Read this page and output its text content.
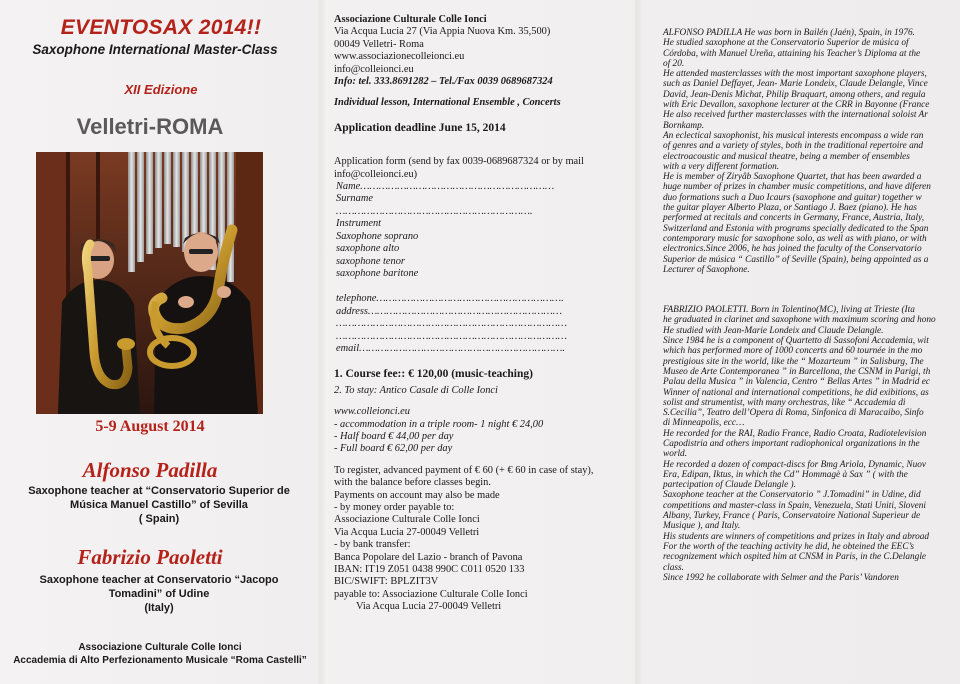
EVENTOSAX 2014!!
Saxophone International Master-Class
XII Edizione
Velletri-ROMA
5-9 August 2014
Alfonso Padilla
Saxophone teacher at “Conservatorio Superior de
Música Manuel Castillo” of Sevilla
( Spain)
Fabrizio Paoletti
Saxophone teacher at Conservatorio “Jacopo
Tomadini” of Udine
(Italy)
Associazione Culturale Colle Ionci
Accademia di Alto Perfezionamento Musicale “Roma Castelli”
Associazione Culturale Colle Ionci
Via Acqua Lucia 27 (Via Appia Nuova Km. 35,500)
00049 Velletri- Roma
www.associazionecolleionci.eu
info@colleionci.eu
Info: tel. 333.8691282 – Tel./Fax 0039 0689687324
Individual lesson, International Ensemble , Concerts
Application deadline June 15, 2014
Application form (send by fax 0039-0689687324 or by mail
info@colleionci.eu)
Name………………………………………………………
Surname
……………………………………………………….
Instrument
Saxophone soprano
saxophone alto
saxophone tenor
saxophone baritone
telephone…………………………………………………….
address………………………………………………………
…………………………………………………………………
…………………………………………………………………
email………………………………………………………….
1. Course fee:: € 120,00 (music-teaching)
2. To stay: Antico Casale di Colle Ionci
www.colleionci.eu
- accommodation in a triple room- 1 night € 24,00
- Half board € 44,00 per day
- Full board € 62,00 per day
To register, advanced payment of € 60 (+ € 60 in case of stay),
with the balance before classes begin.
Payments on account may also be made
- by money order payable to:
Associazione Culturale Colle Ionci
Via Acqua Lucia 27-00049 Velletri
- by bank transfer:
Banca Popolare del Lazio - branch of Pavona
IBAN: IT19 Z051 0438 990C C011 0520 133
BIC/SWIFT: BPLZIT3V
payable to: Associazione Culturale Colle Ionci
Via Acqua Lucia 27-00049 Velletri
ALFONSO PADILLA He was born in Bailén (Jaén), Spain, in 1976.
He studied saxophone at the Conservatorio Superior de música of
Córdoba, with Manuel Ureña, attaining his Teacher’s Diploma at the
of 20.
He attended masterclasses with the most important saxophone players,
such as Daniel Deffayet, Jean- Marie Londeix, Claude Delangle, Vince
David, Jean-Denis Michat, Philip Braquart, among others, and regula
with Eric Devallon, saxophone lecturer at the CRR in Bayonne (France
He also received further masterclasses with the international soloist Ar
Bornkamp.
An eclectical saxophonist, his musical interests encompass a wide ran
of genres and a variety of styles, both in the traditional repertoire and
electroacoustic and musical theatre, being a member of ensembles
with a very different formation.
He is member of Ziryâb Saxophone Quartet, that has been awarded a
huge number of prizes in chamber music competitions, and have diferen
duo formations such a Duo Icaurs (saxophone and guitar) together w
the guitar player Alberto Plaza, or Santiago J. Baez (piano). He has
performed at recitals and concerts in Germany, France, Austria, Italy,
Switzerland and Estonia with programs specially dedicated to the Span
contemporary music for saxophone solo, as well as with piano, or with
electronics.Since 2006, he has joined the faculty of the Conservatorio
Superior de música “ Castillo” of Seville (Spain), being appointed as a
Lecturer of Saxophone.
FABRIZIO PAOLETTI. Born in Tolentino(MC), living at Trieste (Ita
he graduated in clarinet and saxophone with maximum scoring and hono
He studied with Jean-Marie Londeix and Claude Delangle.
Since 1984 he is a component of Quartetto di Sassofoni Accademia, wit
which has performed more of 1000 concerts and 60 tournée in the mo
prestigious site in the world, like the “ Mozarteum ” in Salisburg, The
Museo de Arte Contemporanea ” in Barcellona, the CSNM in Parigi, th
Palau della Musica ” in Valencia, Centro “ Bellas Artes ” in Madrid ec
Winner of national and international competitions, he did exibitions, as
solist and strumentist, with many orchestras, like “ Accademia di
S.Cecilia”, Teatro dell’Opera di Roma, Sinfonica di Maracaibo, Sinfo
di Minneapolis, ecc…
He recorded for the RAI, Radio France, Radio Croata, Radiotelevision
Capodistria and others important radiophonical organizations in the
world.
He recorded a dozen of compact-discs for Bmg Ariola, Dynamic, Nuov
Era, Edipan, Iktus, in which the Cd” Hommagè à Sax ” ( with the
partecipation of Claude Delangle ).
Saxophone teacher at the Conservatorio ” J.Tomadini” in Udine, did
competitions and master-class in Spain, Venezuela, Stati Uniti, Sloveni
Albany, Turkey, France ( Paris, Conservatoire National Superieur de
Musique ), and Italy.
His students are winners of competitions and prizes in Italy and abroad
For the worth of the teaching activity he did, he obteined the EEC’s
recognizement which ospited him at CNSM in Paris, in the C.Delangle
class.
Since 1992 he collaborate with Selmer and the Paris’ Vandoren
